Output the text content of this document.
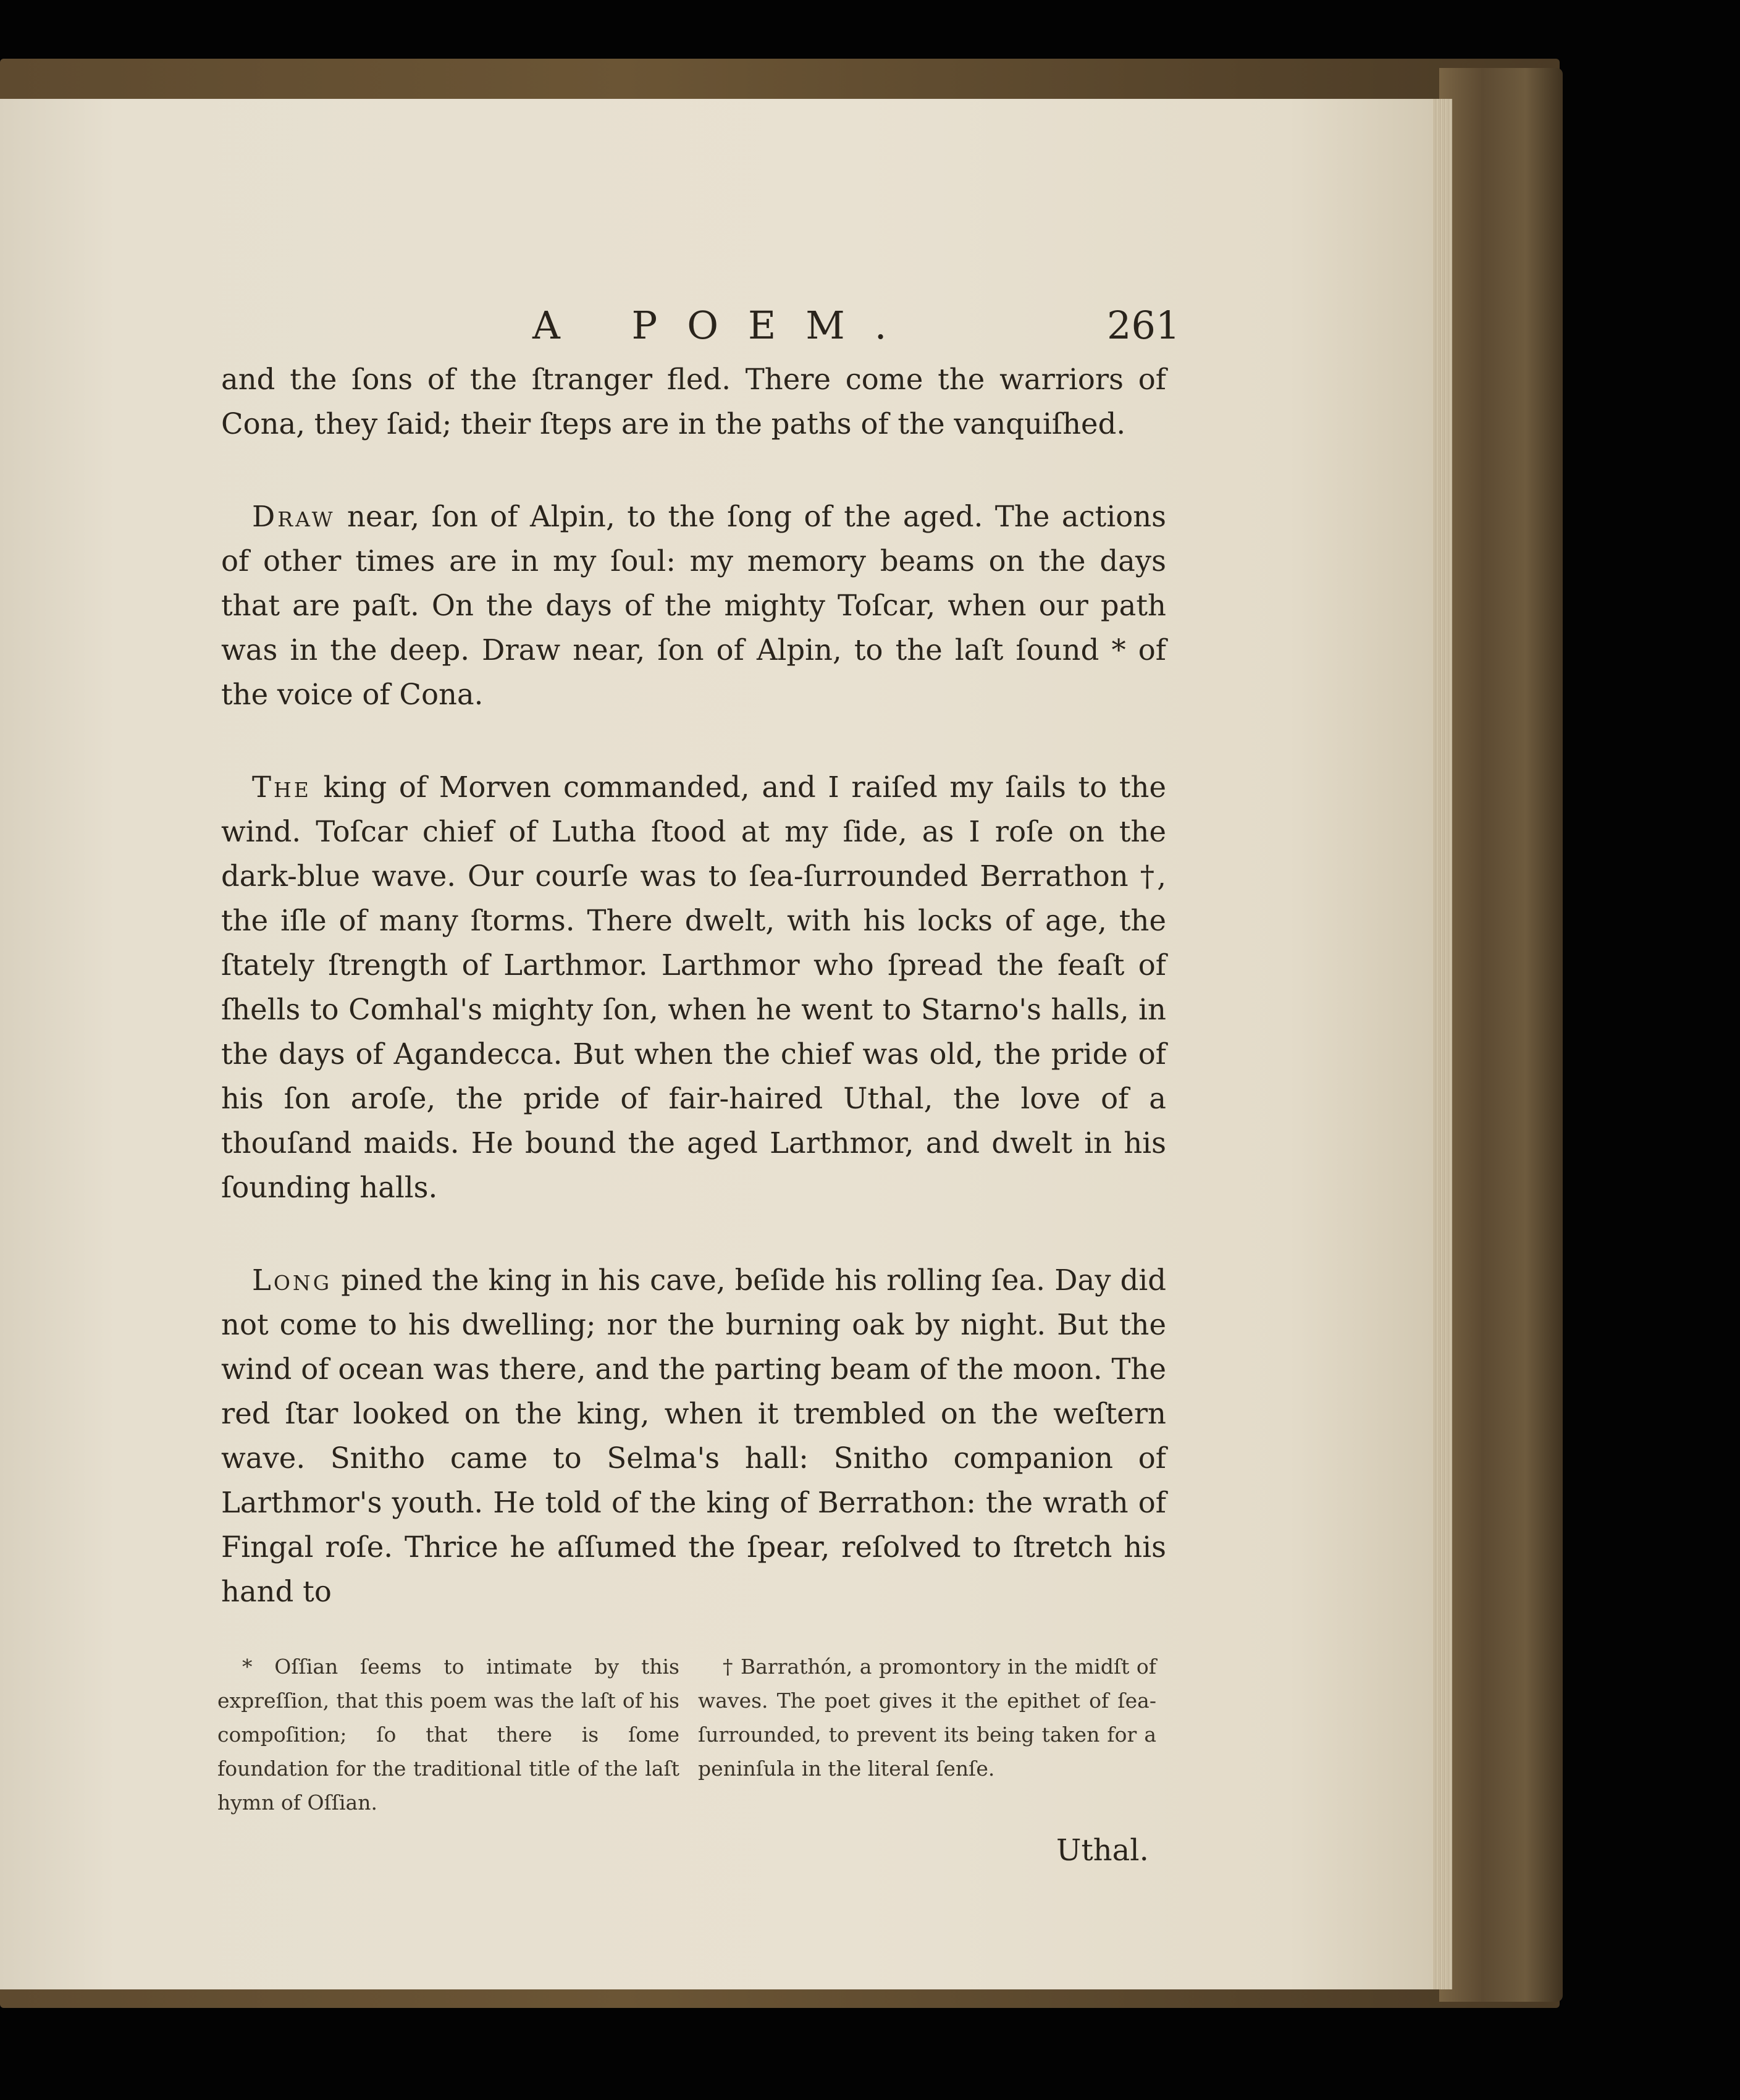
A POEM.	261

and the ſons of the ſtranger fled. There come the warriors of Cona, they ſaid; their ſteps are in the paths of the vanquiſhed.

Draw near, ſon of Alpin, to the ſong of the aged. The actions of other times are in my ſoul: my memory beams on the days that are paſt. On the days of the mighty Toſcar, when our path was in the deep. Draw near, ſon of Alpin, to the laſt ſound * of the voice of Cona.

The king of Morven commanded, and I raiſed my ſails to the wind. Toſcar chief of Lutha ſtood at my ſide, as I roſe on the dark-blue wave. Our courſe was to ſea-ſurrounded Berrathon †, the iſle of many ſtorms. There dwelt, with his locks of age, the ſtately ſtrength of Larthmor. Larthmor who ſpread the feaſt of ſhells to Comhal's mighty ſon, when he went to Starno's halls, in the days of Agandecca. But when the chief was old, the pride of his ſon aroſe, the pride of fair-haired Uthal, the love of a thouſand maids. He bound the aged Larthmor, and dwelt in his ſounding halls.

Long pined the king in his cave, beſide his rolling ſea. Day did not come to his dwelling; nor the burning oak by night. But the wind of ocean was there, and the parting beam of the moon. The red ſtar looked on the king, when it trembled on the weſtern wave. Snitho came to Selma's hall: Snitho companion of Larthmor's youth. He told of the king of Berrathon: the wrath of Fingal roſe. Thrice he aſſumed the ſpear, reſolved to ſtretch his hand to

* Oſſian ſeems to intimate by this expreſſion, that this poem was the laſt of his compoſition; ſo that there is ſome foundation for the traditional title of the laſt hymn of Oſſian.

† Barrathón, a promontory in the midſt of waves. The poet gives it the epithet of ſea-ſurrounded, to prevent its being taken for a peninſula in the literal ſenſe.

Uthal.
